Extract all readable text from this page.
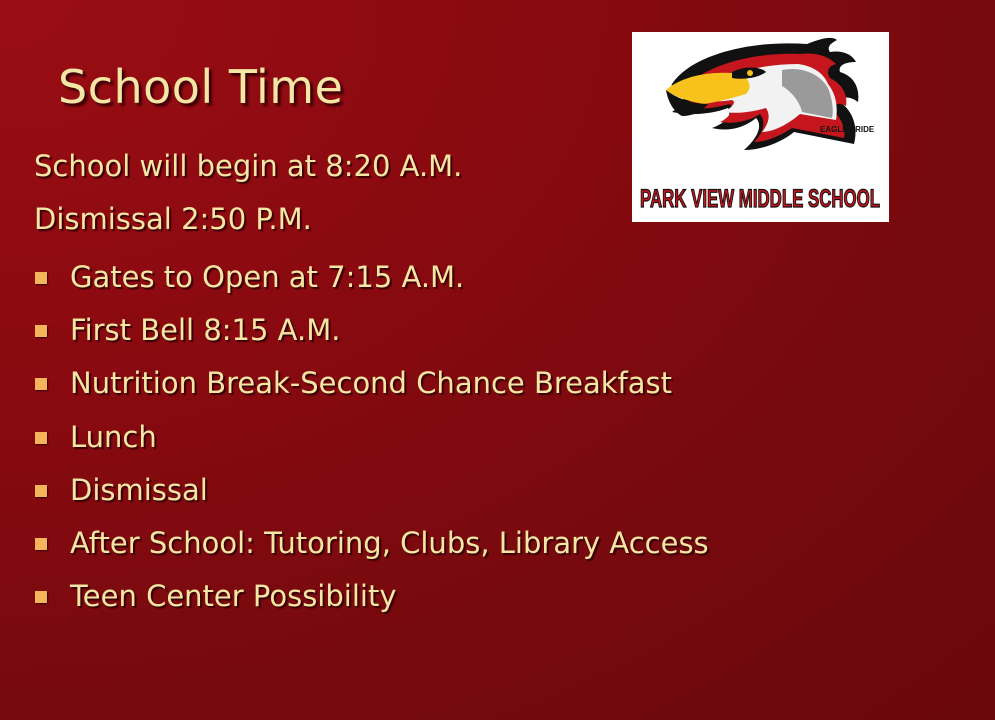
School Time
School will begin at 8:20 A.M.
Dismissal 2:50 P.M.
Gates to Open at 7:15 A.M.
First Bell 8:15 A.M.
Nutrition Break-Second Chance Breakfast
Lunch
Dismissal
After School: Tutoring, Clubs, Library Access
Teen Center Possibility
EAGLE PRIDE
PARK VIEW MIDDLE SCHOOL
